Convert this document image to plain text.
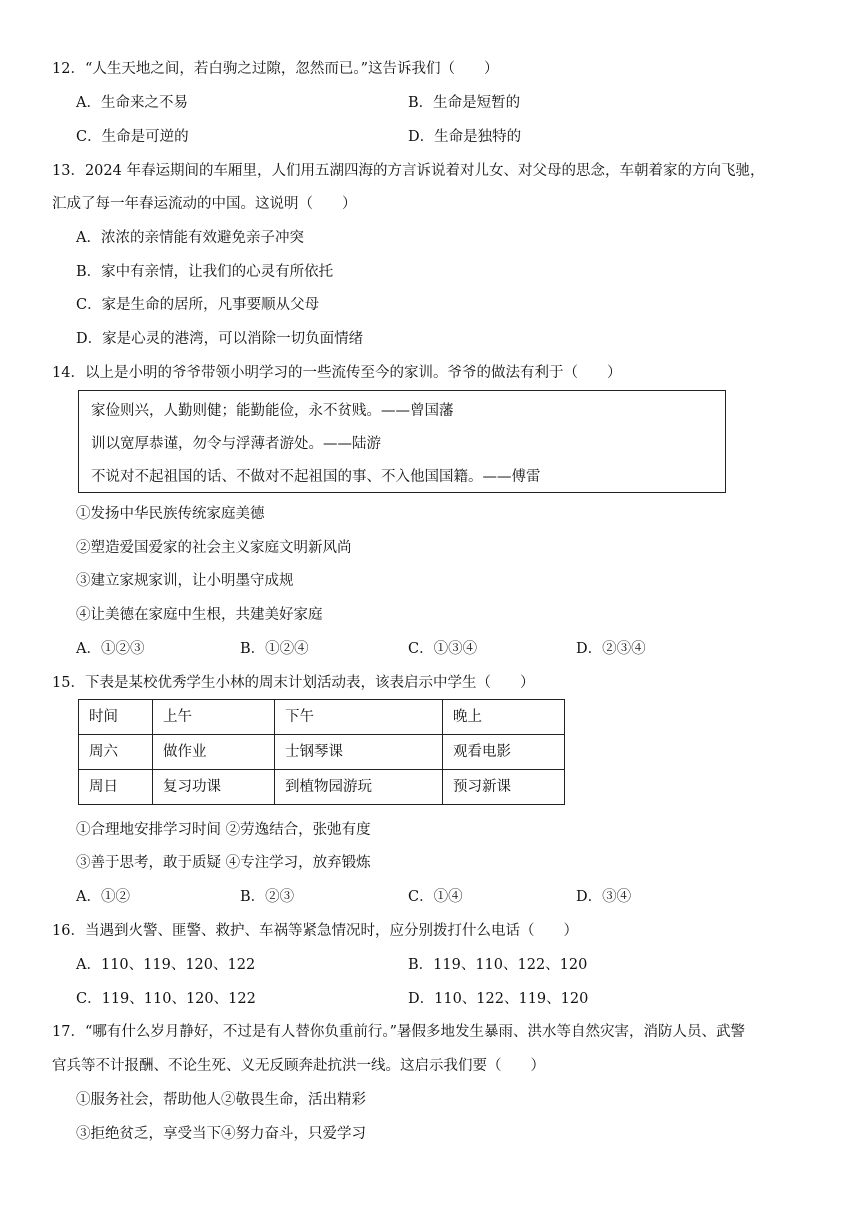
12．“人生天地之间，若白驹之过隙，忽然而已。”这告诉我们（　　）
A．生命来之不易	B．生命是短暂的
C．生命是可逆的	D．生命是独特的
13．2024 年春运期间的车厢里，人们用五湖四海的方言诉说着对儿女、对父母的思念，车朝着家的方向飞驰，
汇成了每一年春运流动的中国。这说明（　　）
A．浓浓的亲情能有效避免亲子冲突
B．家中有亲情，让我们的心灵有所依托
C．家是生命的居所，凡事要顺从父母
D．家是心灵的港湾，可以消除一切负面情绪
14．以上是小明的爷爷带领小明学习的一些流传至今的家训。爷爷的做法有利于（　　）
家俭则兴，人勤则健；能勤能俭，永不贫贱。——曾国藩
训以宽厚恭谨，勿令与浮薄者游处。——陆游
不说对不起祖国的话、不做对不起祖国的事、不入他国国籍。——傅雷
①发扬中华民族传统家庭美德
②塑造爱国爱家的社会主义家庭文明新风尚
③建立家规家训，让小明墨守成规
④让美德在家庭中生根，共建美好家庭
A．①②③	B．①②④	C．①③④	D．②③④
15．下表是某校优秀学生小林的周末计划活动表，该表启示中学生（　　）
时间	上午	下午	晚上
周六	做作业	士钢琴课	观看电影
周日	复习功课	到植物园游玩	预习新课
①合理地安排学习时间 ②劳逸结合，张弛有度
③善于思考，敢于质疑 ④专注学习，放弃锻炼
A．①②	B．②③	C．①④	D．③④
16．当遇到火警、匪警、救护、车祸等紧急情况时，应分别拨打什么电话（　　）
A．110、119、120、122	B．119、110、122、120
C．119、110、120、122	D．110、122、119、120
17．“哪有什么岁月静好，不过是有人替你负重前行。”暑假多地发生暴雨、洪水等自然灾害，消防人员、武警
官兵等不计报酬、不论生死、义无反顾奔赴抗洪一线。这启示我们要（　　）
①服务社会，帮助他人②敬畏生命，活出精彩
③拒绝贫乏，享受当下④努力奋斗，只爱学习
